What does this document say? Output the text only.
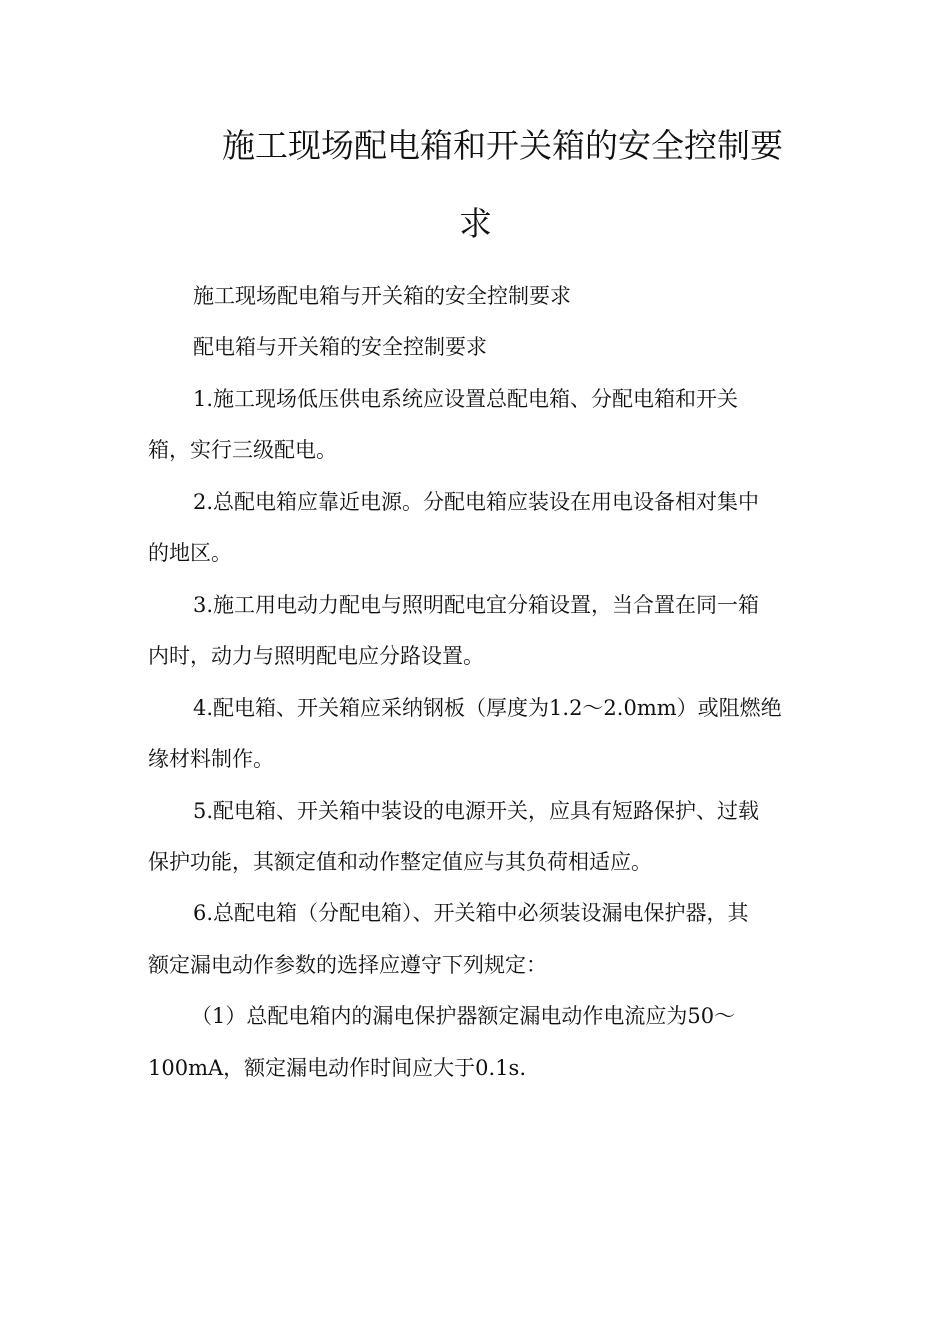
施工现场配电箱和开关箱的安全控制要
求
施工现场配电箱与开关箱的安全控制要求
配电箱与开关箱的安全控制要求
1.施工现场低压供电系统应设置总配电箱、分配电箱和开关
箱，实行三级配电。
2.总配电箱应靠近电源。分配电箱应装设在用电设备相对集中
的地区。
3.施工用电动力配电与照明配电宜分箱设置，当合置在同一箱
内时，动力与照明配电应分路设置。
4.配电箱、开关箱应采纳钢板（厚度为1.2～2.0mm）或阻燃绝
缘材料制作。
5.配电箱、开关箱中装设的电源开关，应具有短路保护、过载
保护功能，其额定值和动作整定值应与其负荷相适应。
6.总配电箱（分配电箱）、开关箱中必须装设漏电保护器，其
额定漏电动作参数的选择应遵守下列规定：
（1）总配电箱内的漏电保护器额定漏电动作电流应为50～
100mA，额定漏电动作时间应大于0.1s.
